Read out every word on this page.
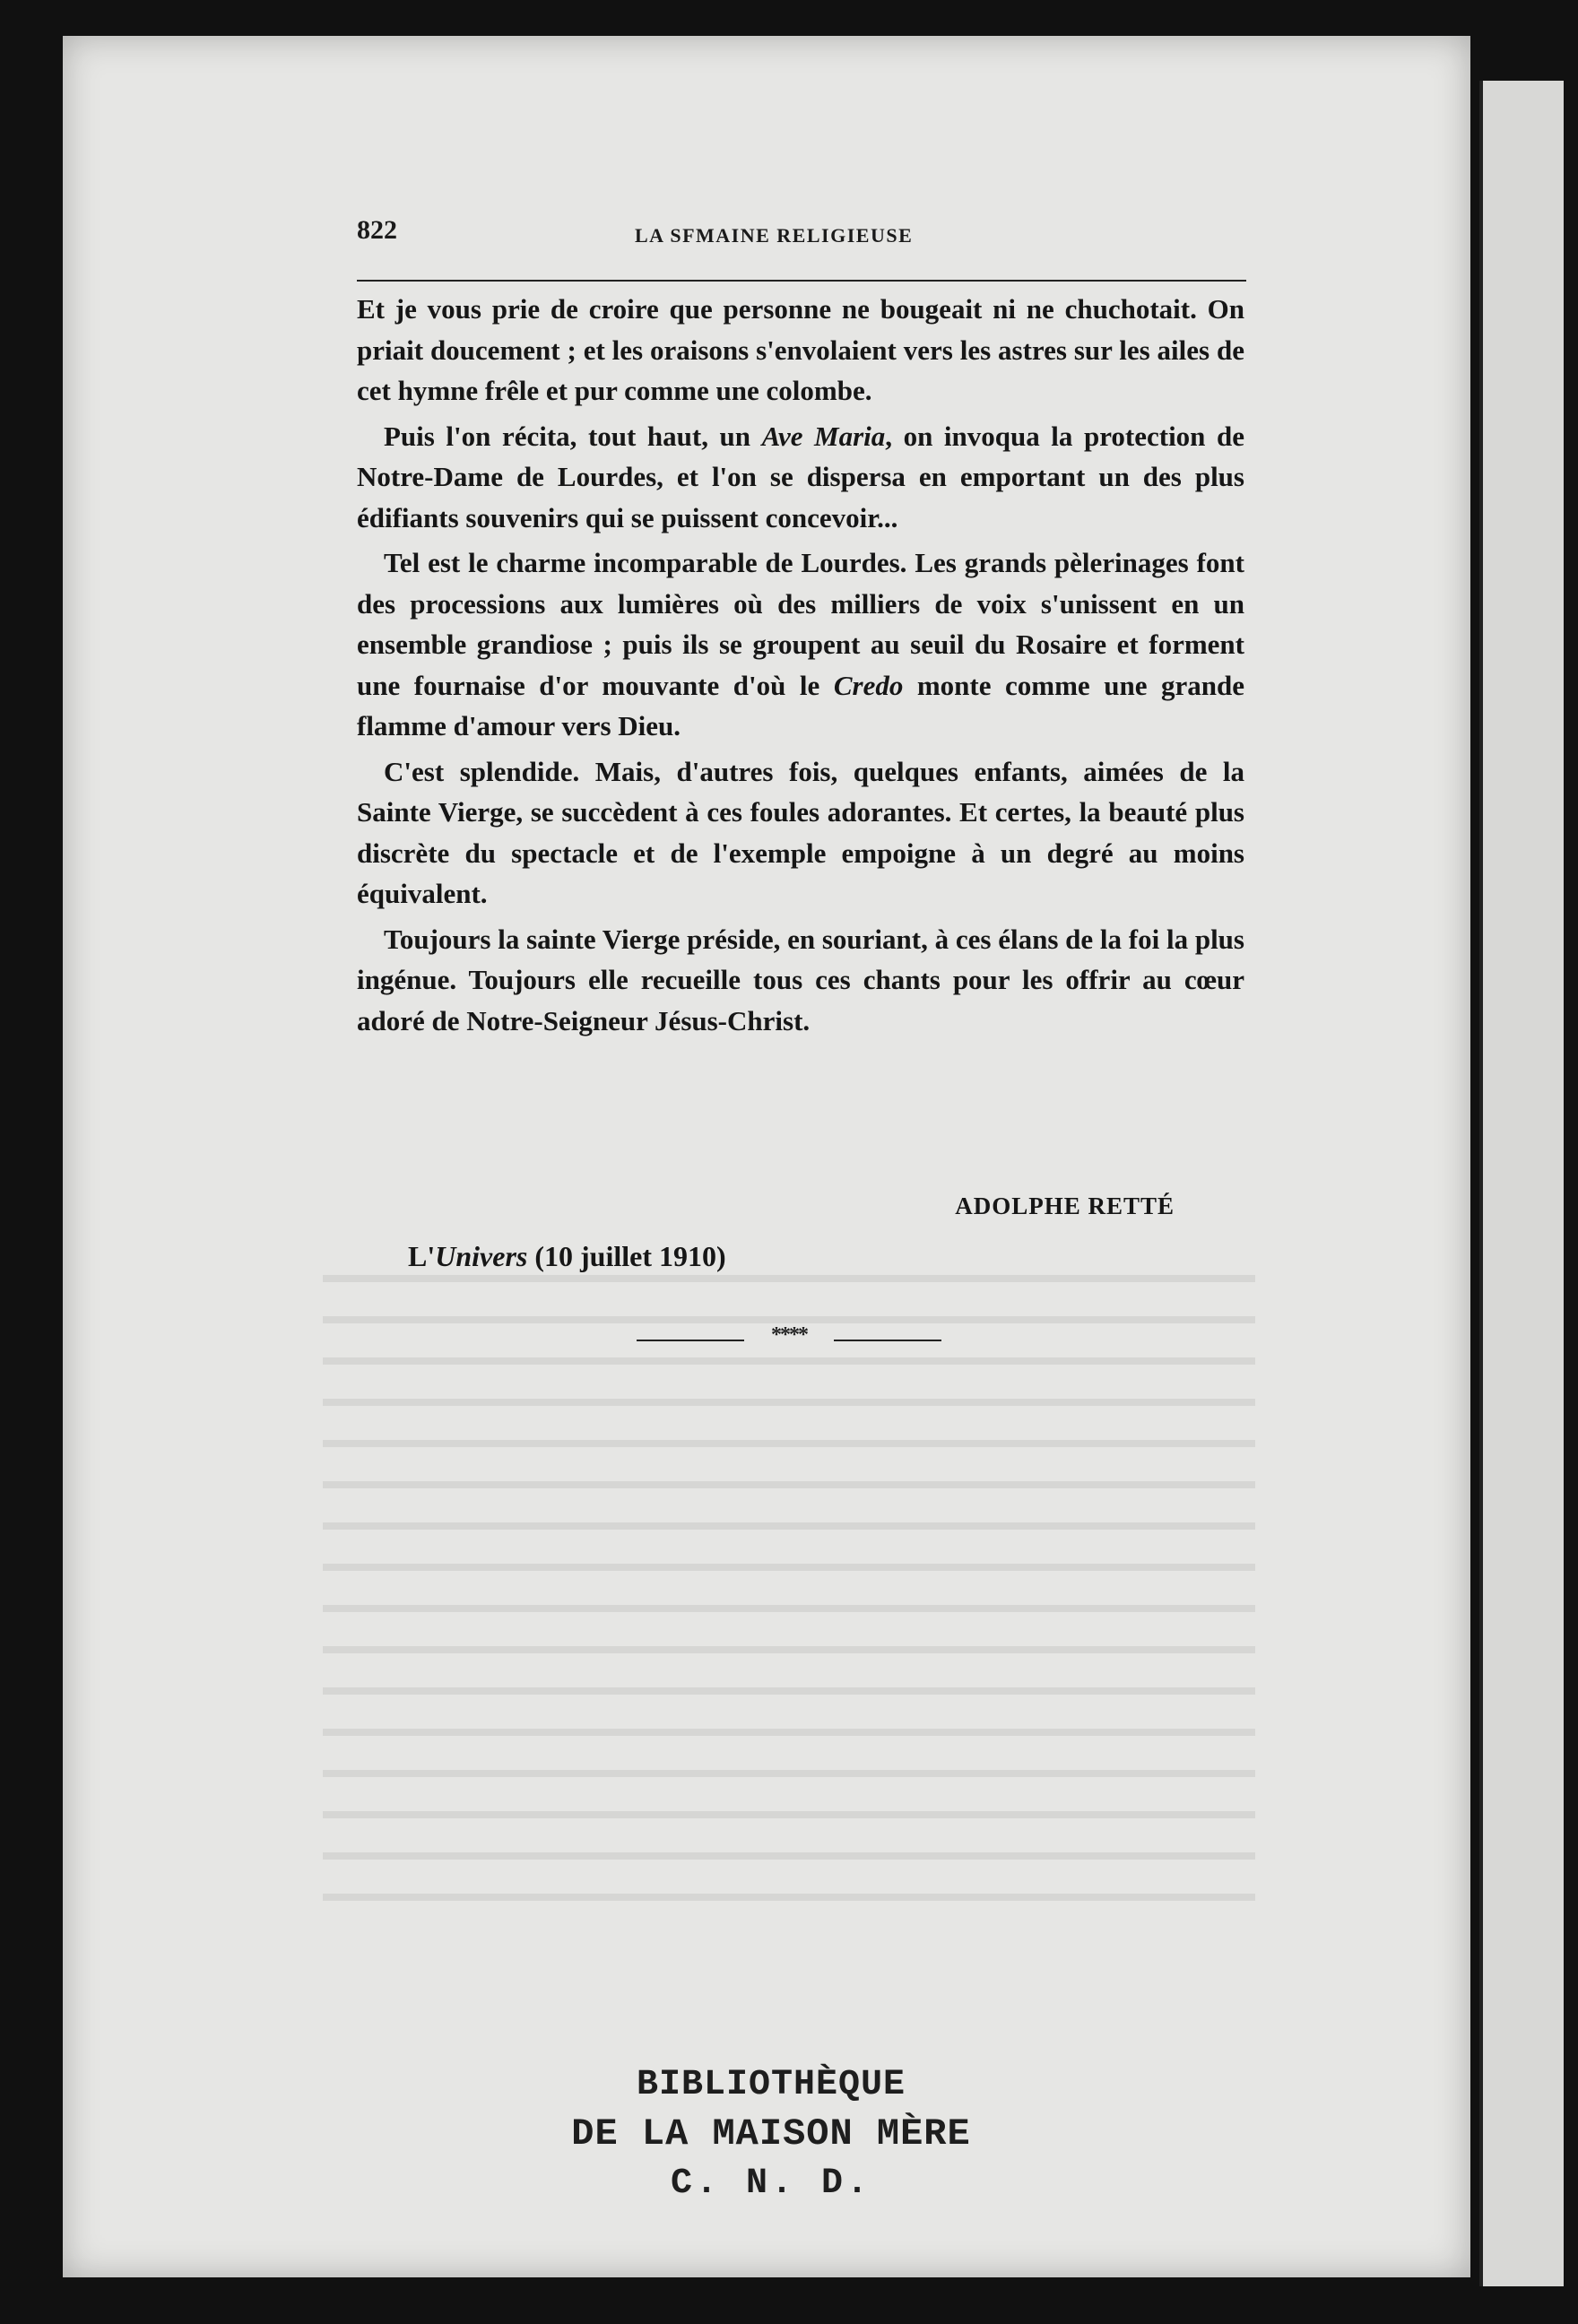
822	LA SFMAINE RELIGIEUSE

Et je vous prie de croire que personne ne bougeait ni ne chuchotait. On priait doucement ; et les oraisons s'envolaient vers les astres sur les ailes de cet hymne frêle et pur comme une colombe.

Puis l'on récita, tout haut, un Ave Maria, on invoqua la protection de Notre-Dame de Lourdes, et l'on se dispersa en emportant un des plus édifiants souvenirs qui se puissent concevoir...

Tel est le charme incomparable de Lourdes. Les grands pèlerinages font des processions aux lumières où des milliers de voix s'unissent en un ensemble grandiose ; puis ils se groupent au seuil du Rosaire et forment une fournaise d'or mouvante d'où le Credo monte comme une grande flamme d'amour vers Dieu.

C'est splendide. Mais, d'autres fois, quelques enfants, aimées de la Sainte Vierge, se succèdent à ces foules adorantes. Et certes, la beauté plus discrète du spectacle et de l'exemple empoigne à un degré au moins équivalent.

Toujours la sainte Vierge préside, en souriant, à ces élans de la foi la plus ingénue. Toujours elle recueille tous ces chants pour les offrir au cœur adoré de Notre-Seigneur Jésus-Christ.

ADOLPHE RETTÉ
L'Univers (10 juillet 1910)
****
BIBLIOTHÈQUE
DE LA MAISON MÈRE
C. N. D.
